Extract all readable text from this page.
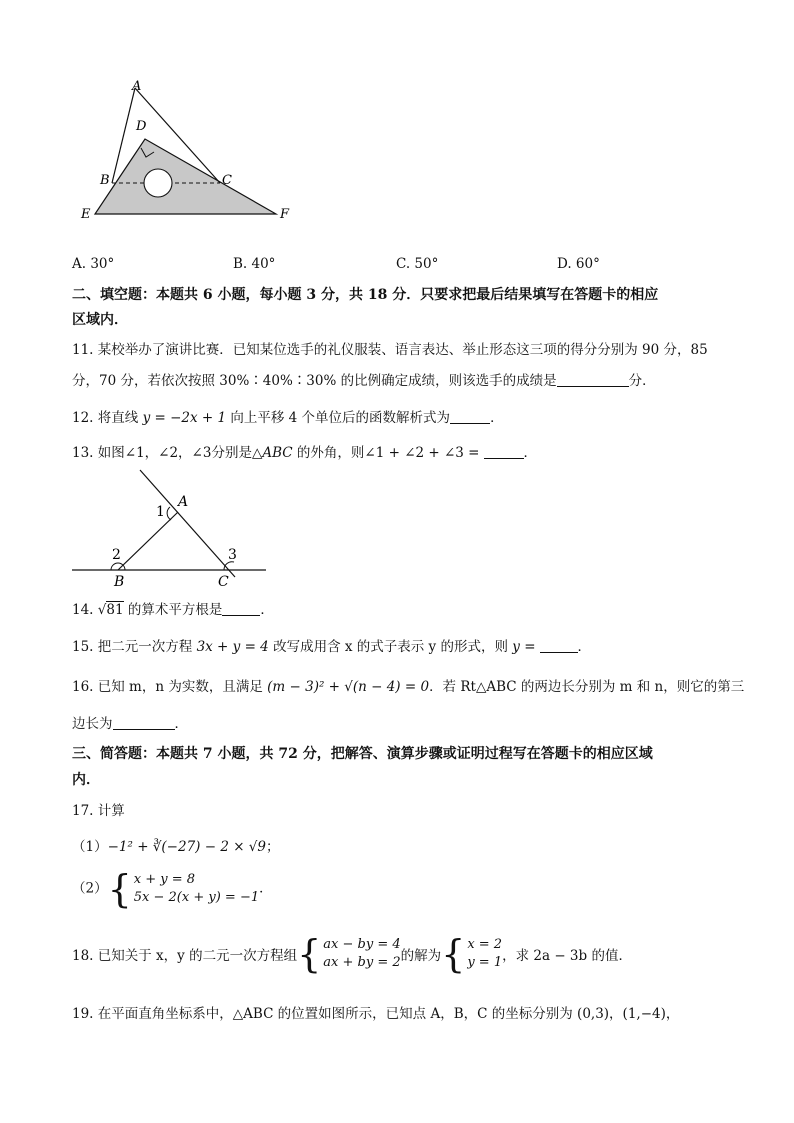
A
D
B	C
E	F
A. 30°	B. 40°	C. 50°	D. 60°
二、填空题：本题共 6 小题，每小题 3 分，共 18 分．只要求把最后结果填写在答题卡的相应
区域内．
11. 某校举办了演讲比赛．已知某位选手的礼仪服装、语言表达、举止形态这三项的得分分别为 90 分，85
分，70 分，若依次按照 30%∶40%∶30% 的比例确定成绩，则该选手的成绩是	分．
12. 将直线 y = −2x + 1 向上平移 4 个单位后的函数解析式为	．
13. 如图∠1，∠2，∠3分别是△ABC 的外角，则∠1 + ∠2 + ∠3 =	．
A
B	C
1
2	3
14. √81 的算术平方根是	．
15. 把二元一次方程 3x + y = 4 改写成用含 x 的式子表示 y 的形式，则 y =	．
16. 已知 m，n 为实数，且满足 (m − 3)² + √(n − 4) = 0．若 Rt△ABC 的两边长分别为 m 和 n，则它的第三
边长为	．
三、简答题：本题共 7 小题，共 72 分，把解答、演算步骤或证明过程写在答题卡的相应区域
内．
17. 计算
（1）−1² + ∛(−27) − 2 × √9；
（2） { x + y = 8
5x − 2(x + y) = −1
．
18. 已知关于 x，y 的二元一次方程组 { ax − by = 4
ax + by = 2 的解为 { x = 2
y = 1 ，求 2a − 3b 的值．
19. 在平面直角坐标系中，△ABC 的位置如图所示，已知点 A，B，C 的坐标分别为 (0,3)，(1,−4)，
